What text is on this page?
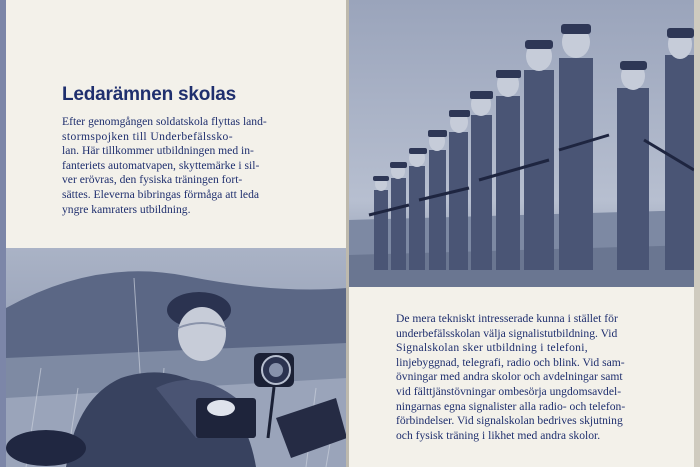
Ledarämnen skolas
Efter genomgången soldatskola flyttas land-
stormspojken till Underbefälsskо-
lan. Här tillkommer utbildningen med in-
fanteriets automatvapen, skyttemärke i sil-
ver erövras, den fysiska träningen fort-
sättes. Eleverna bibringas förmåga att leda
yngre kamraters utbildning.
De mera tekniskt intresserade kunna i stället för
underbefälsskolan välja signalistutbildning. Vid
Signalskolan sker utbildning i telefoni,
linjebyggnad, telegrafi, radio och blink. Vid sam-
övningar med andra skolor och avdelningar samt
vid fälttjänstövningar ombesörja ungdomsavdel-
ningarnas egna signalister alla radio- och telefon-
förbindelser. Vid signalskolan bedrives skjutning
och fysisk träning i likhet med andra skolor.
